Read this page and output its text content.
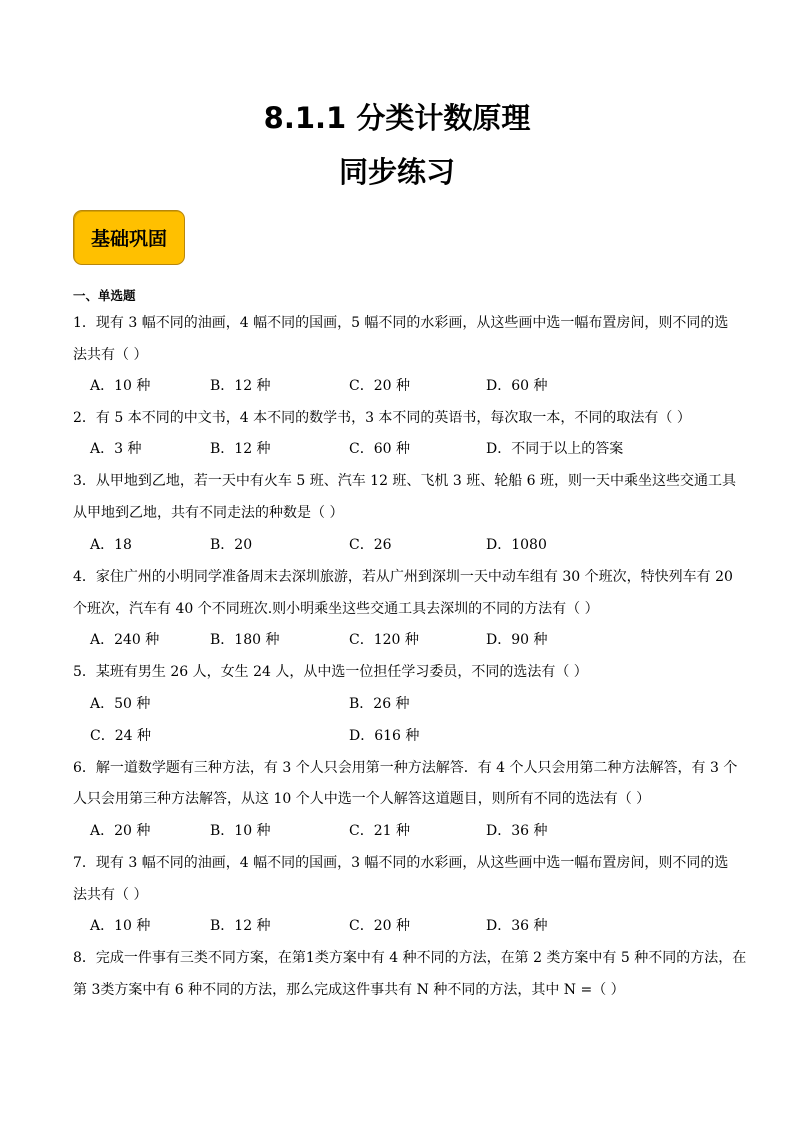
8.1.1 分类计数原理
同步练习
基础巩固
一、单选题
1．现有 3 幅不同的油画，4 幅不同的国画，5 幅不同的水彩画，从这些画中选一幅布置房间，则不同的选
法共有（ ）
A．10 种	B．12 种	C．20 种	D．60 种
2．有 5 本不同的中文书，4 本不同的数学书，3 本不同的英语书，每次取一本，不同的取法有（ ）
A．3 种	B．12 种	C．60 种	D．不同于以上的答案
3．从甲地到乙地，若一天中有火车 5 班、汽车 12 班、飞机 3 班、轮船 6 班，则一天中乘坐这些交通工具
从甲地到乙地，共有不同走法的种数是（ ）
A．18	B．20	C．26	D．1080
4．家住广州的小明同学准备周末去深圳旅游，若从广州到深圳一天中动车组有 30 个班次，特快列车有 20
个班次，汽车有 40 个不同班次.则小明乘坐这些交通工具去深圳的不同的方法有（ ）
A．240 种	B．180 种	C．120 种	D．90 种
5．某班有男生 26 人，女生 24 人，从中选一位担任学习委员，不同的选法有（ ）
A．50 种	B．26 种
C．24 种	D．616 种
6．解一道数学题有三种方法，有 3 个人只会用第一种方法解答．有 4 个人只会用第二种方法解答，有 3 个
人只会用第三种方法解答，从这 10 个人中选一个人解答这道题目，则所有不同的选法有（ ）
A．20 种	B．10 种	C．21 种	D．36 种
7．现有 3 幅不同的油画，4 幅不同的国画，3 幅不同的水彩画，从这些画中选一幅布置房间，则不同的选
法共有（ ）
A．10 种	B．12 种	C．20 种	D．36 种
8．完成一件事有三类不同方案，在第1类方案中有 4 种不同的方法，在第 2 类方案中有 5 种不同的方法，在
第 3类方案中有 6 种不同的方法，那么完成这件事共有 N 种不同的方法，其中 N =（ ）
